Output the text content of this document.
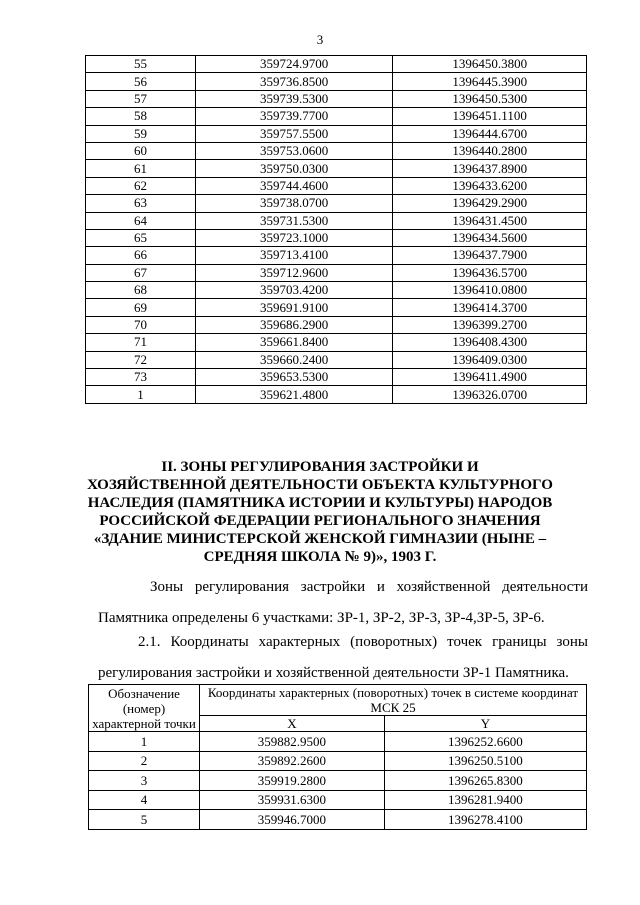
3
55	359724.9700	1396450.3800
56	359736.8500	1396445.3900
57	359739.5300	1396450.5300
58	359739.7700	1396451.1100
59	359757.5500	1396444.6700
60	359753.0600	1396440.2800
61	359750.0300	1396437.8900
62	359744.4600	1396433.6200
63	359738.0700	1396429.2900
64	359731.5300	1396431.4500
65	359723.1000	1396434.5600
66	359713.4100	1396437.7900
67	359712.9600	1396436.5700
68	359703.4200	1396410.0800
69	359691.9100	1396414.3700
70	359686.2900	1396399.2700
71	359661.8400	1396408.4300
72	359660.2400	1396409.0300
73	359653.5300	1396411.4900
1	359621.4800	1396326.0700
II. ЗОНЫ РЕГУЛИРОВАНИЯ ЗАСТРОЙКИ И
ХОЗЯЙСТВЕННОЙ ДЕЯТЕЛЬНОСТИ ОБЪЕКТА КУЛЬТУРНОГО
НАСЛЕДИЯ (ПАМЯТНИКА ИСТОРИИ И КУЛЬТУРЫ) НАРОДОВ
РОССИЙСКОЙ ФЕДЕРАЦИИ РЕГИОНАЛЬНОГО ЗНАЧЕНИЯ
«ЗДАНИЕ МИНИСТЕРСКОЙ ЖЕНСКОЙ ГИМНАЗИИ (НЫНЕ –
СРЕДНЯЯ ШКОЛА № 9)», 1903 Г.
Зоны регулирования застройки и хозяйственной деятельности Памятника определены 6 участками: ЗР-1, ЗР-2, ЗР-3, ЗР-4,ЗР-5, ЗР-6.
2.1. Координаты характерных (поворотных) точек границы зоны регулирования застройки и хозяйственной деятельности ЗР-1 Памятника.
Обозначение (номер) характерной точки	Координаты характерных (поворотных) точек в системе координат МСК 25	
	X	Y
1	359882.9500	1396252.6600
2	359892.2600	1396250.5100
3	359919.2800	1396265.8300
4	359931.6300	1396281.9400
5	359946.7000	1396278.4100
